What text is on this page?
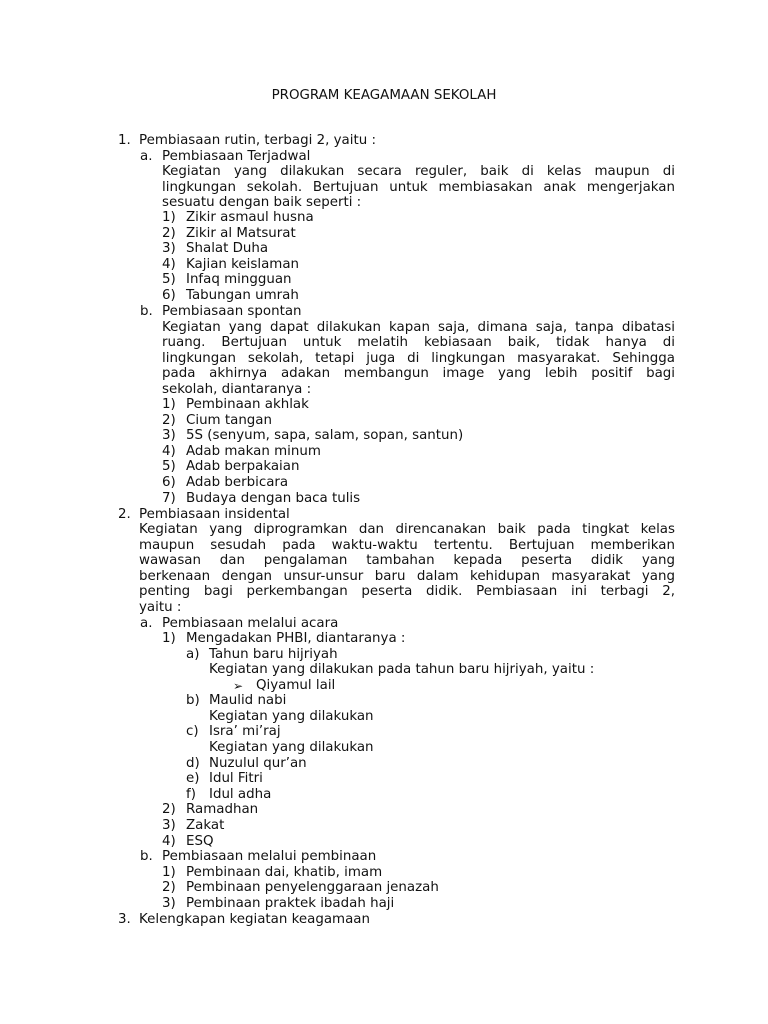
PROGRAM KEAGAMAAN SEKOLAH
1. Pembiasaan rutin, terbagi 2, yaitu :
a. Pembiasaan Terjadwal
Kegiatan yang dilakukan secara reguler, baik di kelas maupun di
lingkungan sekolah. Bertujuan untuk membiasakan anak mengerjakan
sesuatu dengan baik seperti :
1) Zikir asmaul husna
2) Zikir al Matsurat
3) Shalat Duha
4) Kajian keislaman
5) Infaq mingguan
6) Tabungan umrah
b. Pembiasaan spontan
Kegiatan yang dapat dilakukan kapan saja, dimana saja, tanpa dibatasi
ruang. Bertujuan untuk melatih kebiasaan baik, tidak hanya di
lingkungan sekolah, tetapi juga di lingkungan masyarakat. Sehingga
pada akhirnya adakan membangun image yang lebih positif bagi
sekolah, diantaranya :
1) Pembinaan akhlak
2) Cium tangan
3) 5S (senyum, sapa, salam, sopan, santun)
4) Adab makan minum
5) Adab berpakaian
6) Adab berbicara
7) Budaya dengan baca tulis
2. Pembiasaan insidental
Kegiatan yang diprogramkan dan direncanakan baik pada tingkat kelas
maupun sesudah pada waktu-waktu tertentu. Bertujuan memberikan
wawasan dan pengalaman tambahan kepada peserta didik yang
berkenaan dengan unsur-unsur baru dalam kehidupan masyarakat yang
penting bagi perkembangan peserta didik. Pembiasaan ini terbagi 2,
yaitu :
a. Pembiasaan melalui acara
1) Mengadakan PHBI, diantaranya :
a) Tahun baru hijriyah
Kegiatan yang dilakukan pada tahun baru hijriyah, yaitu :
➢ Qiyamul lail
b) Maulid nabi
Kegiatan yang dilakukan
c) Isra’ mi’raj
Kegiatan yang dilakukan
d) Nuzulul qur’an
e) Idul Fitri
f) Idul adha
2) Ramadhan
3) Zakat
4) ESQ
b. Pembiasaan melalui pembinaan
1) Pembinaan dai, khatib, imam
2) Pembinaan penyelenggaraan jenazah
3) Pembinaan praktek ibadah haji
3. Kelengkapan kegiatan keagamaan
